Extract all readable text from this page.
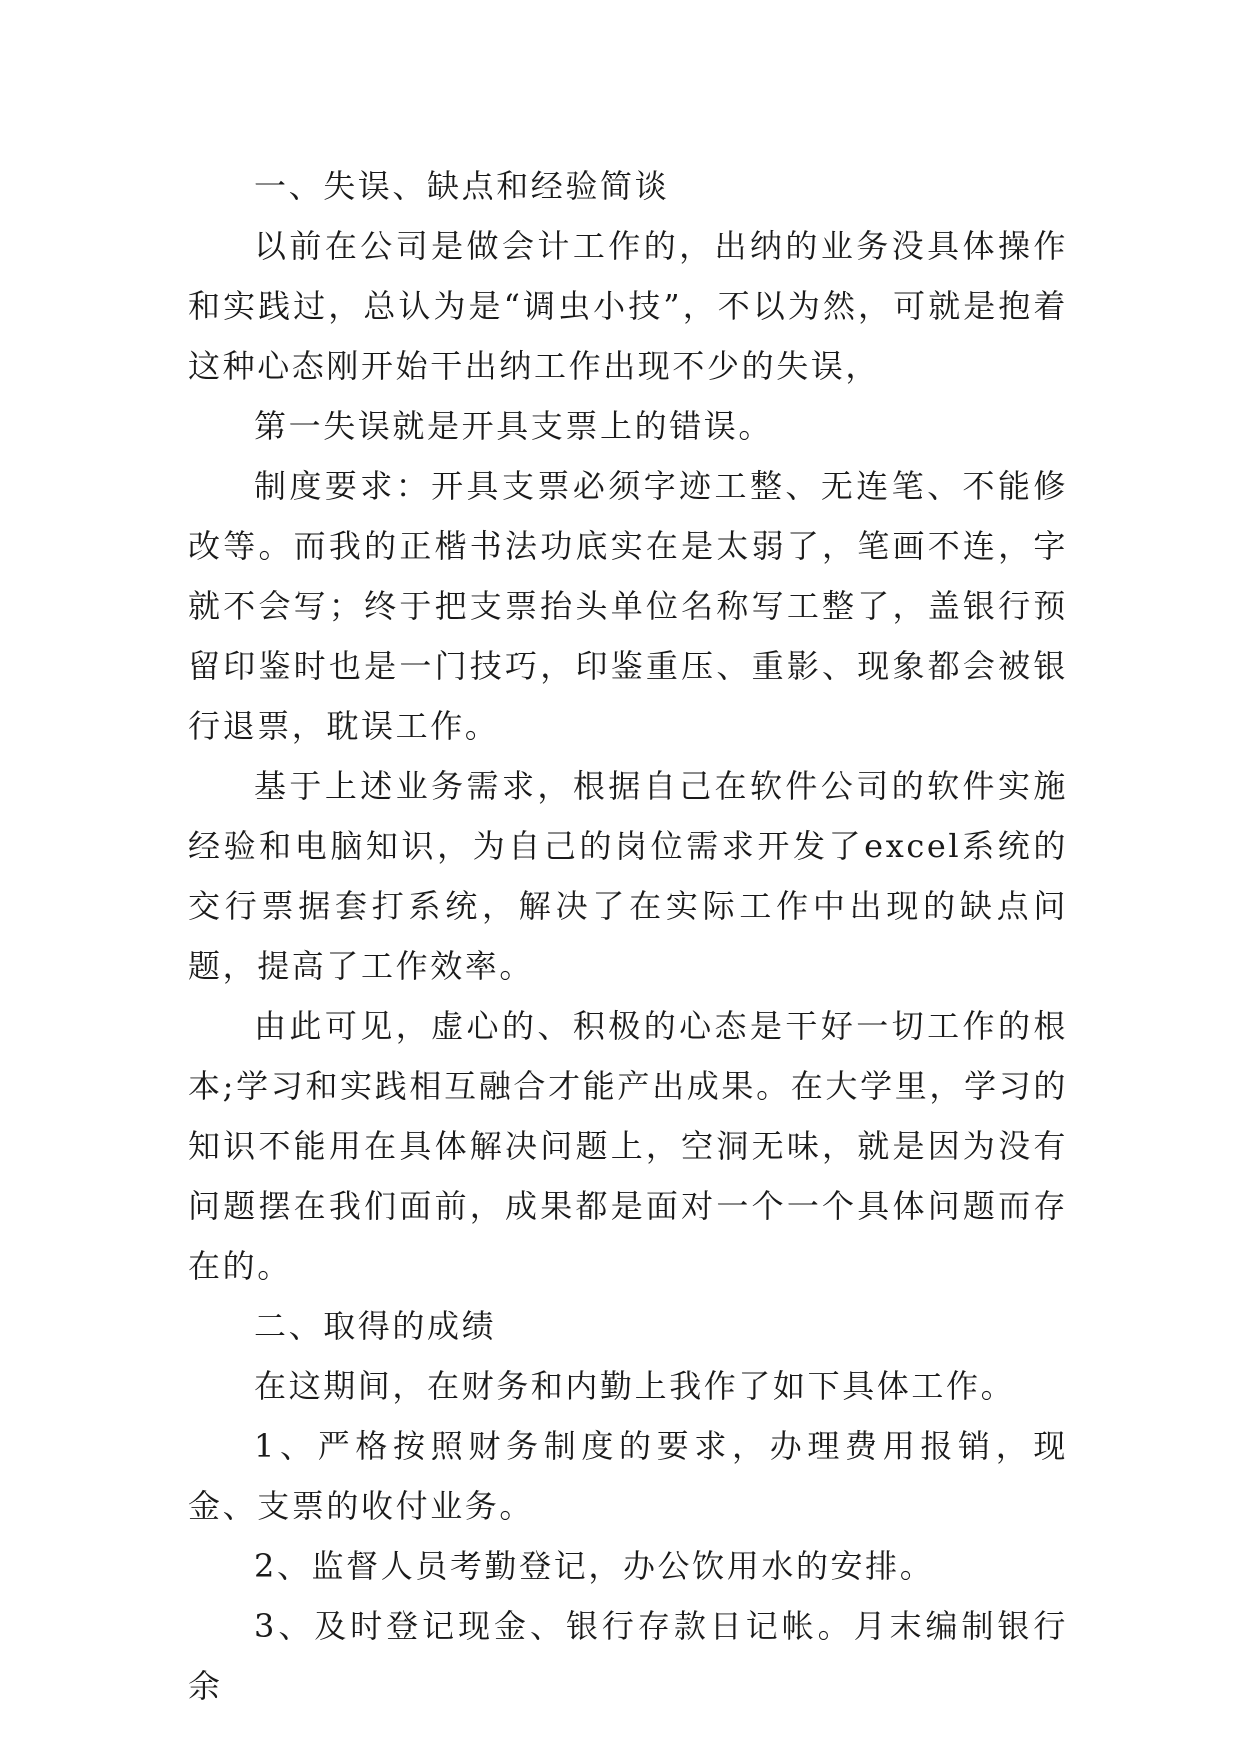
一、失误、缺点和经验简谈

以前在公司是做会计工作的，出纳的业务没具体操作和实践过，总认为是“调虫小技”，不以为然，可就是抱着这种心态刚开始干出纳工作出现不少的失误，

第一失误就是开具支票上的错误。

制度要求：开具支票必须字迹工整、无连笔、不能修改等。而我的正楷书法功底实在是太弱了，笔画不连，字就不会写；终于把支票抬头单位名称写工整了，盖银行预留印鉴时也是一门技巧，印鉴重压、重影、现象都会被银行退票，耽误工作。

基于上述业务需求，根据自己在软件公司的软件实施经验和电脑知识，为自己的岗位需求开发了excel系统的交行票据套打系统，解决了在实际工作中出现的缺点问题，提高了工作效率。

由此可见，虚心的、积极的心态是干好一切工作的根本;学习和实践相互融合才能产出成果。在大学里，学习的知识不能用在具体解决问题上，空洞无味，就是因为没有问题摆在我们面前，成果都是面对一个一个具体问题而存在的。

二、取得的成绩

在这期间，在财务和内勤上我作了如下具体工作。

1、严格按照财务制度的要求，办理费用报销，现金、支票的收付业务。

2、监督人员考勤登记，办公饮用水的安排。

3、及时登记现金、银行存款日记帐。月末编制银行余
